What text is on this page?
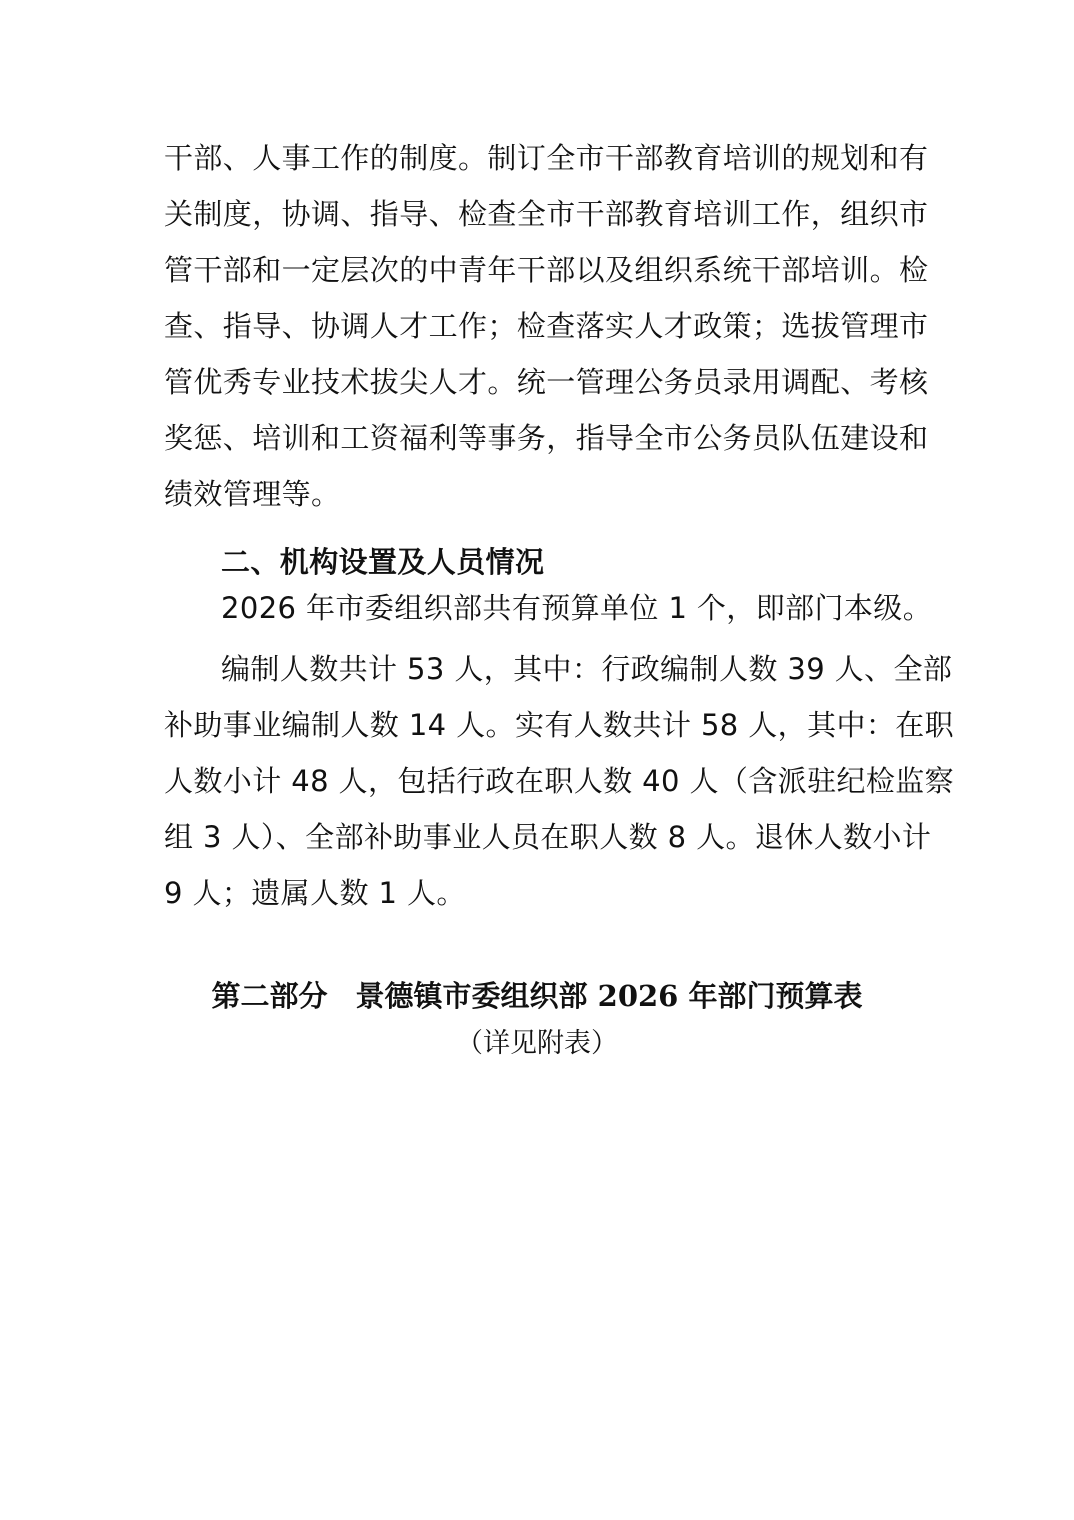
干部、人事工作的制度。制订全市干部教育培训的规划和有
关制度，协调、指导、检查全市干部教育培训工作，组织市
管干部和一定层次的中青年干部以及组织系统干部培训。检
查、指导、协调人才工作；检查落实人才政策；选拔管理市
管优秀专业技术拔尖人才。统一管理公务员录用调配、考核
奖惩、培训和工资福利等事务，指导全市公务员队伍建设和
绩效管理等。
二、机构设置及人员情况
2026 年市委组织部共有预算单位 1 个，即部门本级。
编制人数共计 53 人，其中：行政编制人数 39 人、全部
补助事业编制人数 14 人。实有人数共计 58 人，其中：在职
人数小计 48 人，包括行政在职人数 40 人（含派驻纪检监察
组 3 人）、全部补助事业人员在职人数 8 人。退休人数小计
9 人；遗属人数 1 人。
第二部分 景德镇市委组织部 2026 年部门预算表

（详见附表）
